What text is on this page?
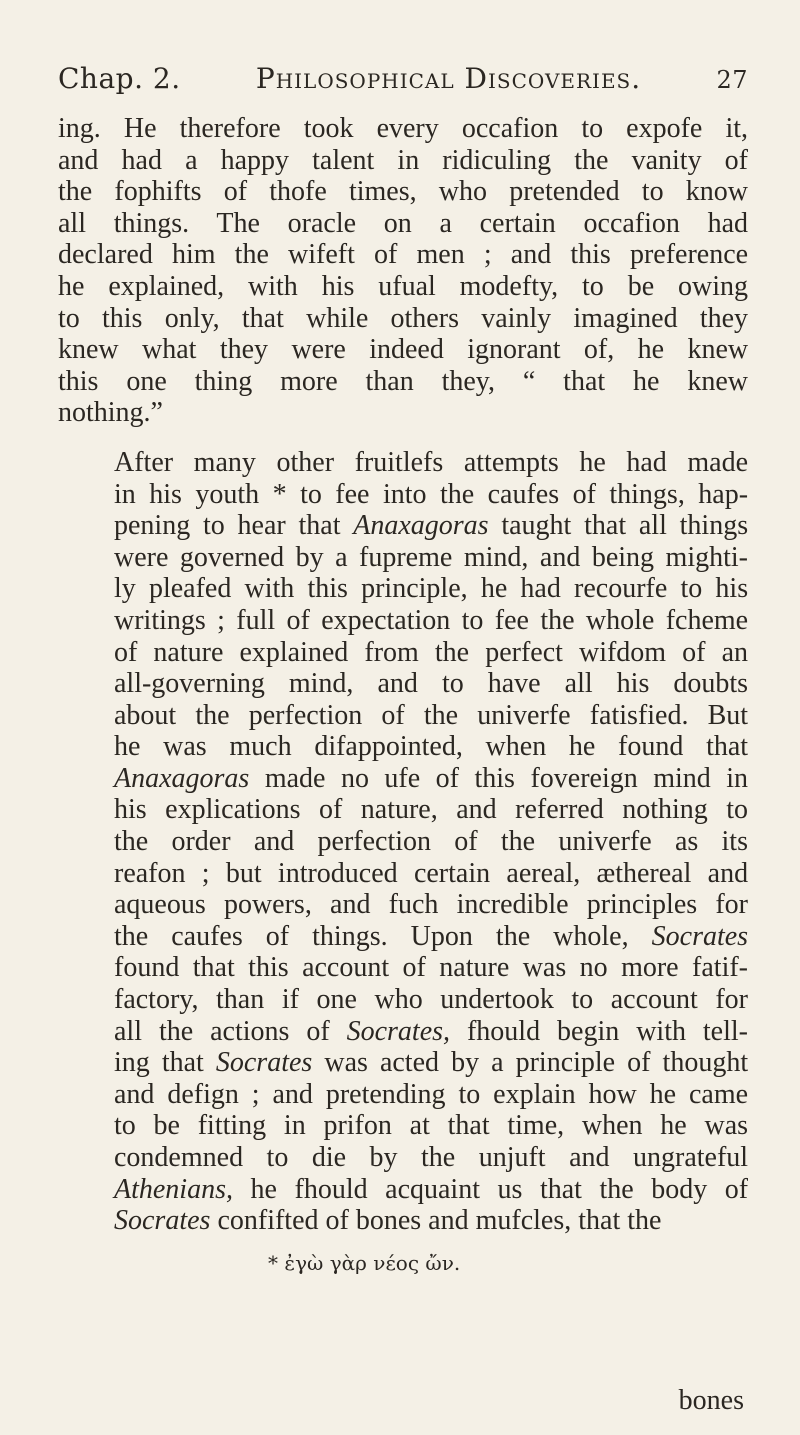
Chap. 2.	Philosophical Discoveries.	27
ing. He therefore took every occafion to expofe it,
and had a happy talent in ridiculing the vanity of
the fophifts of thofe times, who pretended to know
all things. The oracle on a certain occafion had
declared him the wifeft of men ; and this preference
he explained, with his ufual modefty, to be owing
to this only, that while others vainly imagined they
knew what they were indeed ignorant of, he knew
this one thing more than they, “ that he knew
nothing.”
After many other fruitlefs attempts he had made
in his youth * to fee into the caufes of things, hap-
pening to hear that Anaxagoras taught that all things
were governed by a fupreme mind, and being mighti-
ly pleafed with this principle, he had recourfe to his
writings ; full of expectation to fee the whole fcheme
of nature explained from the perfect wifdom of an
all-governing mind, and to have all his doubts
about the perfection of the univerfe fatisfied. But
he was much difappointed, when he found that
Anaxagoras made no ufe of this fovereign mind in
his explications of nature, and referred nothing to
the order and perfection of the univerfe as its
reafon ; but introduced certain aereal, æthereal and
aqueous powers, and fuch incredible principles for
the caufes of things. Upon the whole, Socrates
found that this account of nature was no more fatif-
factory, than if one who undertook to account for
all the actions of Socrates, fhould begin with tell-
ing that Socrates was acted by a principle of thought
and defign ; and pretending to explain how he came
to be fitting in prifon at that time, when he was
condemned to die by the unjuft and ungrateful
Athenians, he fhould acquaint us that the body of
Socrates confifted of bones and mufcles, that the
* ἐγὼ γὰρ νέος ὤν.
bones
